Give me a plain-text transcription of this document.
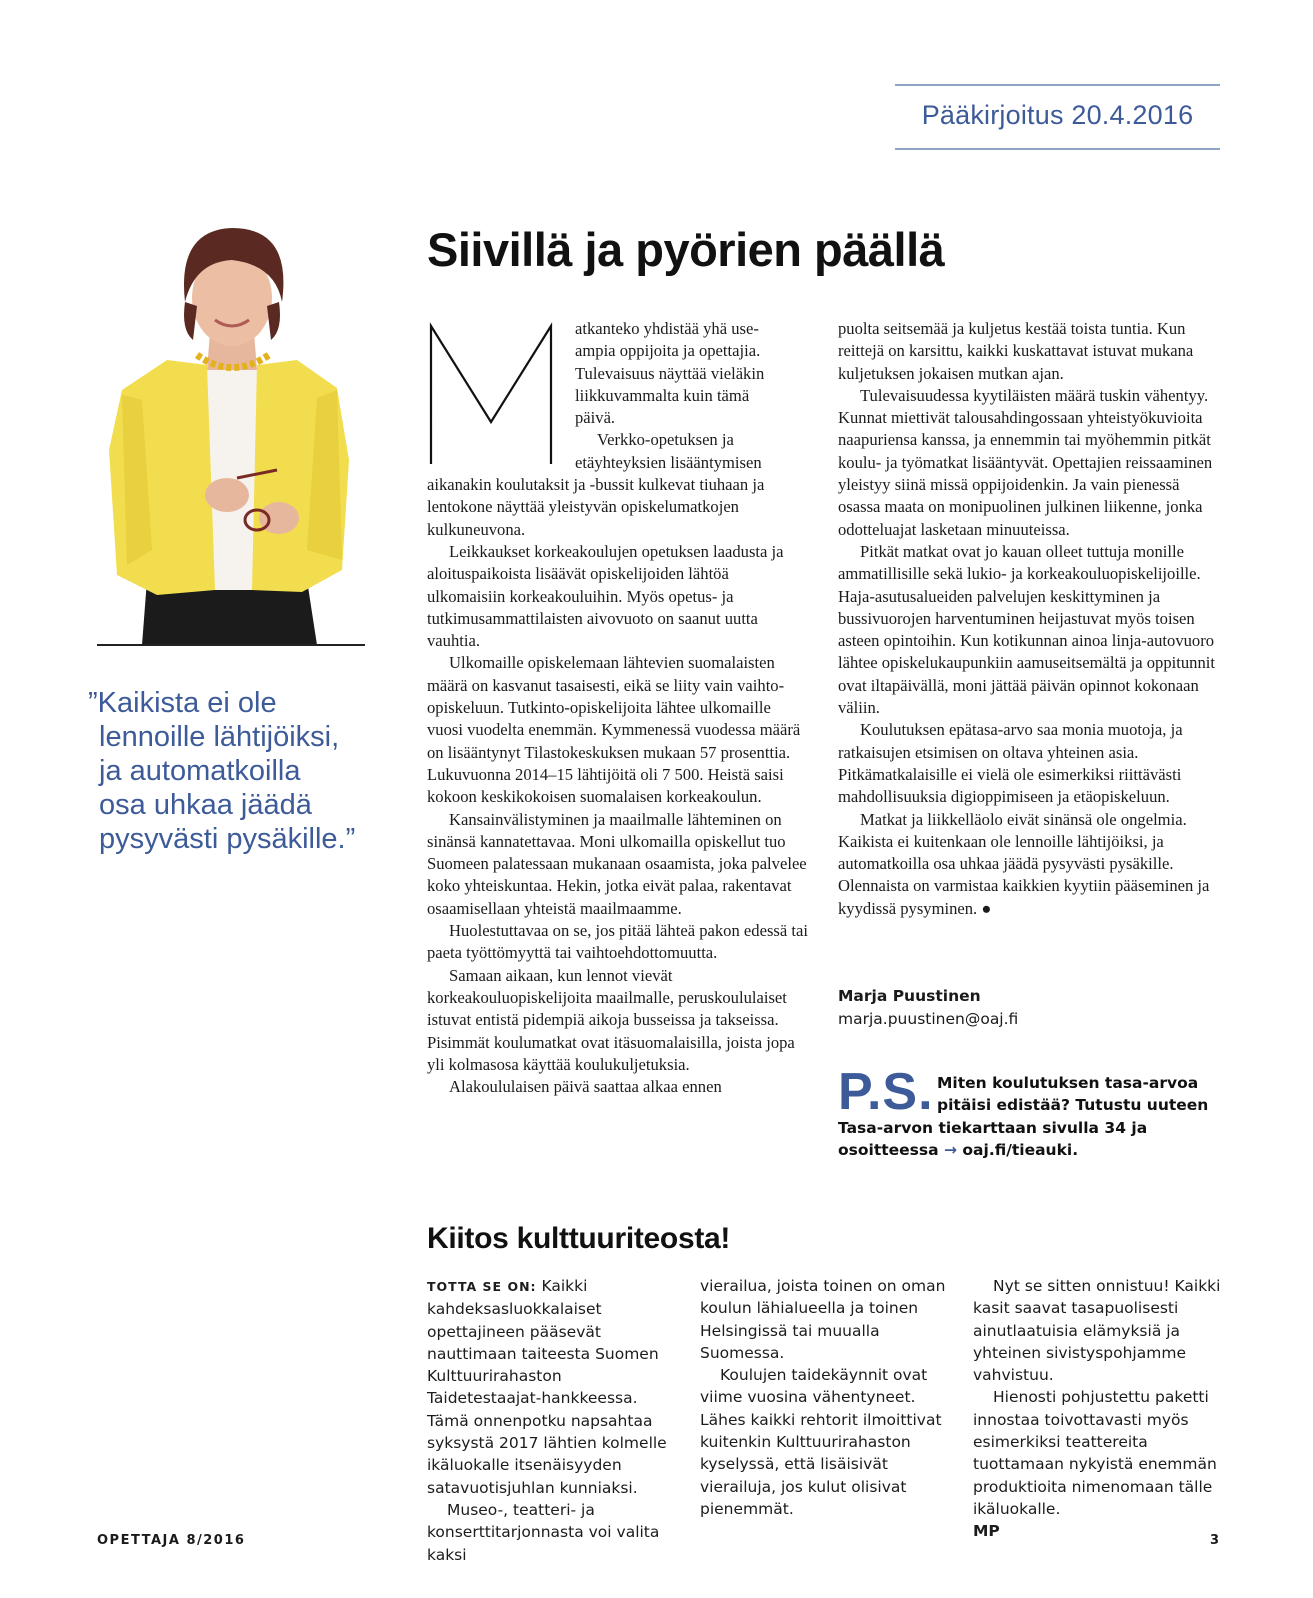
Pääkirjoitus 20.4.2016
Siivillä ja pyörien päällä
”Kaikista ei ole
lennoille lähtijöiksi,
ja automatkoilla
osa uhkaa jäädä
pysyvästi pysäkille.”
atkanteko yhdistää yhä use-
ampia oppijoita ja opettajia.
Tulevaisuus näyttää vieläkin
liikkuvammalta kuin tämä
päivä.
Verkko-opetuksen ja
etäyhteyksien lisääntymisen

aikanakin koulutaksit ja -bussit kulkevat tiuhaan ja lentokone näyttää yleistyvän opiskelumatkojen kulkuneuvona.

Leikkaukset korkeakoulujen opetuksen laadusta ja aloituspaikoista lisäävät opiskelijoiden lähtöä ulkomaisiin korkeakouluihin. Myös opetus- ja tutkimusammattilaisten aivovuoto on saanut uutta vauhtia.

Ulkomaille opiskelemaan lähtevien suomalaisten määrä on kasvanut tasaisesti, eikä se liity vain vaihto-opiskeluun. Tutkinto-opiskelijoita lähtee ulkomaille vuosi vuodelta enemmän. Kymmenessä vuodessa määrä on lisääntynyt Tilastokeskuksen mukaan 57 prosenttia. Lukuvuonna 2014–15 lähtijöitä oli 7 500. Heistä saisi kokoon keskikokoisen suomalaisen korkeakoulun.

Kansainvälistyminen ja maailmalle lähteminen on sinänsä kannatettavaa. Moni ulkomailla opiskellut tuo Suomeen palatessaan mukanaan osaamista, joka palvelee koko yhteiskuntaa. Hekin, jotka eivät palaa, rakentavat osaamisellaan yhteistä maailmaamme.

Huolestuttavaa on se, jos pitää lähteä pakon edessä tai paeta työttömyyttä tai vaihtoehdottomuutta.

Samaan aikaan, kun lennot vievät korkeakouluopiskelijoita maailmalle, peruskoululaiset istuvat entistä pidempiä aikoja busseissa ja takseissa. Pisimmät koulumatkat ovat itäsuomalaisilla, joista jopa yli kolmasosa käyttää koulukuljetuksia.

Alakoululaisen päivä saattaa alkaa ennen

puolta seitsemää ja kuljetus kestää toista tuntia. Kun reittejä on karsittu, kaikki kuskattavat istuvat mukana kuljetuksen jokaisen mutkan ajan.

Tulevaisuudessa kyytiläisten määrä tuskin vähentyy. Kunnat miettivät talousahdingossaan yhteistyökuvioita naapuriensa kanssa, ja ennemmin tai myöhemmin pitkät koulu- ja työmatkat lisääntyvät. Opettajien reissaaminen yleistyy siinä missä oppijoidenkin. Ja vain pienessä osassa maata on monipuolinen julkinen liikenne, jonka odotteluajat lasketaan minuuteissa.

Pitkät matkat ovat jo kauan olleet tuttuja monille ammatillisille sekä lukio- ja korkeakouluopiskelijoille. Haja-asutusalueiden palvelujen keskittyminen ja bussivuorojen harventuminen heijastuvat myös toisen asteen opintoihin. Kun kotikunnan ainoa linja-autovuoro lähtee opiskelukaupunkiin aamuseitsemältä ja oppitunnit ovat iltapäivällä, moni jättää päivän opinnot kokonaan väliin.

Koulutuksen epätasa-arvo saa monia muotoja, ja ratkaisujen etsimisen on oltava yhteinen asia. Pitkämatkalaisille ei vielä ole esimerkiksi riittävästi mahdollisuuksia digioppimiseen ja etäopiskeluun.

Matkat ja liikkelläolo eivät sinänsä ole ongelmia. Kaikista ei kuitenkaan ole lennoille lähtijöiksi, ja automatkoilla osa uhkaa jäädä pysyvästi pysäkille. Olennaista on varmistaa kaikkien kyytiin pääseminen ja kyydissä pysyminen. ●

Marja Puustinen
marja.puustinen@oaj.fi
P.S. Miten koulutuksen tasa-arvoa
pitäisi edistää? Tutustu uuteen
Tasa-arvon tiekarttaan sivulla 34 ja
osoitteessa → oaj.fi/tieauki.
Kiitos kulttuuriteosta!

TOTTA SE ON: Kaikki kahdeksasluokkalaiset opettajineen pääsevät nauttimaan taiteesta Suomen Kulttuurirahaston Taidetestaajat-hankkeessa. Tämä onnenpotku napsahtaa syksystä 2017 lähtien kolmelle ikäluokalle itsenäisyyden satavuotisjuhlan kunniaksi.

Museo-, teatteri- ja konserttitarjonnasta voi valita kaksi

vierailua, joista toinen on oman koulun lähialueella ja toinen Helsingissä tai muualla Suomessa.

Koulujen taidekäynnit ovat viime vuosina vähentyneet. Lähes kaikki rehtorit ilmoittivat kuitenkin Kulttuurirahaston kyselyssä, että lisäisivät vierailuja, jos kulut olisivat pienemmät.

Nyt se sitten onnistuu! Kaikki kasit saavat tasapuolisesti ainutlaatuisia elämyksiä ja yhteinen sivistyspohjamme vahvistuu.

Hienosti pohjustettu paketti innostaa toivottavasti myös esimerkiksi teattereita tuottamaan nykyistä enemmän produktioita nimenomaan tälle ikäluokalle.

MP
OPETTAJA 8/2016	3
